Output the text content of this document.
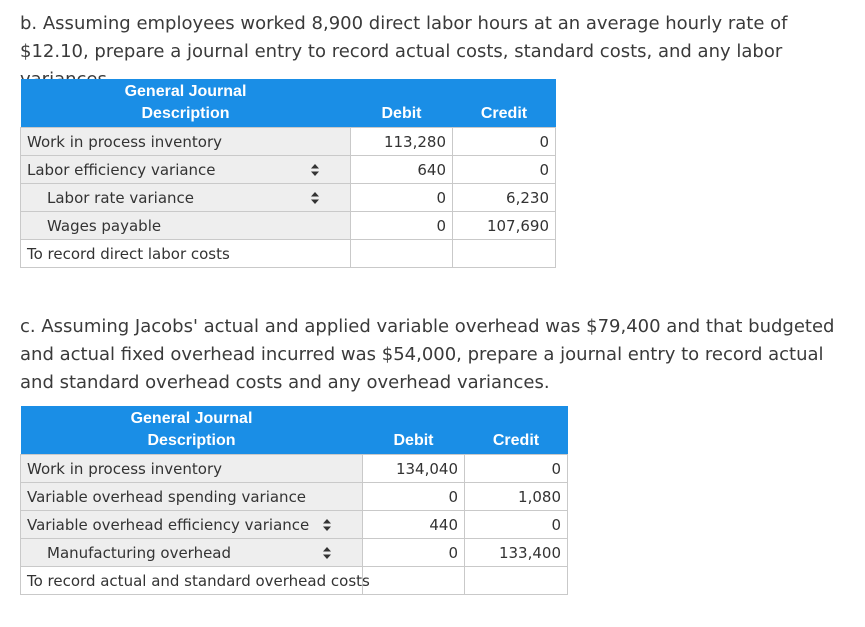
b. Assuming employees worked 8,900 direct labor hours at an average hourly rate of $12.10, prepare a journal entry to record actual costs, standard costs, and any labor

General Journal		
Description	Debit	Credit
Work in process inventory	113,280	0
Labor efficiency variance	640	0
Labor rate variance	0	6,230
Wages payable	0	107,690
To record direct labor costs		

c. Assuming Jacobs' actual and applied variable overhead was $79,400 and that budgeted and actual fixed overhead incurred was $54,000, prepare a journal entry to record actual and standard overhead costs and any overhead variances.

General Journal		
Description	Debit	Credit
Work in process inventory	134,040	0
Variable overhead spending variance	0	1,080
Variable overhead efficiency variance	440	0
Manufacturing overhead	0	133,400
To record actual and standard overhead costs		
